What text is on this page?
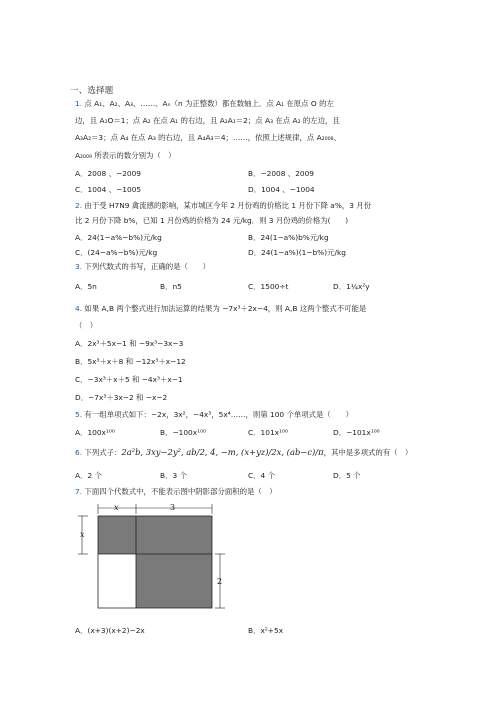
一、选择题
1. 点 A₁、A₂、A₃、……、Aₙ（n 为正整数）都在数轴上．点 A₁ 在原点 O 的左
边，且 A₁O＝1；点 A₂ 在点 A₁ 的右边，且 A₂A₁＝2；点 A₃ 在点 A₂ 的左边，且
A₃A₂＝3；点 A₄ 在点 A₃ 的右边，且 A₄A₃＝4；……，依照上述规律，点 A₂₀₀₈、
A₂₀₀₉ 所表示的数分别为（　）
A．2008 、−2009	B．−2008 、2009
C．1004 、−1005	D．1004 、−1004
2. 由于受 H7N9 禽流感的影响，某市城区今年 2 月份鸡的价格比 1 月份下降 a%，3 月份
比 2 月份下降 b%，已知 1 月份鸡的价格为 24 元/kg．则 3 月份鸡的价格为(　　)
A．24(1−a%−b%)元/kg	B．24(1−a%)b%元/kg
C．(24−a%−b%)元/kg	D．24(1−a%)(1−b%)元/kg
3. 下列代数式的书写，正确的是（　　）
A．5n	B．n5	C．1500÷t	D．1¼x²y
4. 如果 A,B 两个整式进行加法运算的结果为 −7x³＋2x−4，则 A,B 这两个整式不可能是
（　）
A．2x³＋5x−1 和 −9x³−3x−3
B．5x³＋x＋8 和 −12x³＋x−12
C．−3x³＋x＋5 和 −4x³＋x−1
D．−7x³＋3x−2 和 −x−2
5. 有一组单项式如下：−2x，3x²，−4x³，5x⁴……，则第 100 个单项式是（　　）
A．100x¹⁰⁰	B．−100x¹⁰⁰	C．101x¹⁰⁰	D．−101x¹⁰⁰
6. 下列式子：2a²b, 3xy−2y², ab/2, 4, −m, (x+yz)/2x, (ab−c)/π，其中是多项式的有（　）
A．2 个	B．3 个	C．4 个	D．5 个
7. 下面四个代数式中，不能表示图中阴影部分面积的是（　）
x	3
x
2
A．(x+3)(x+2)−2x	B．x²+5x
